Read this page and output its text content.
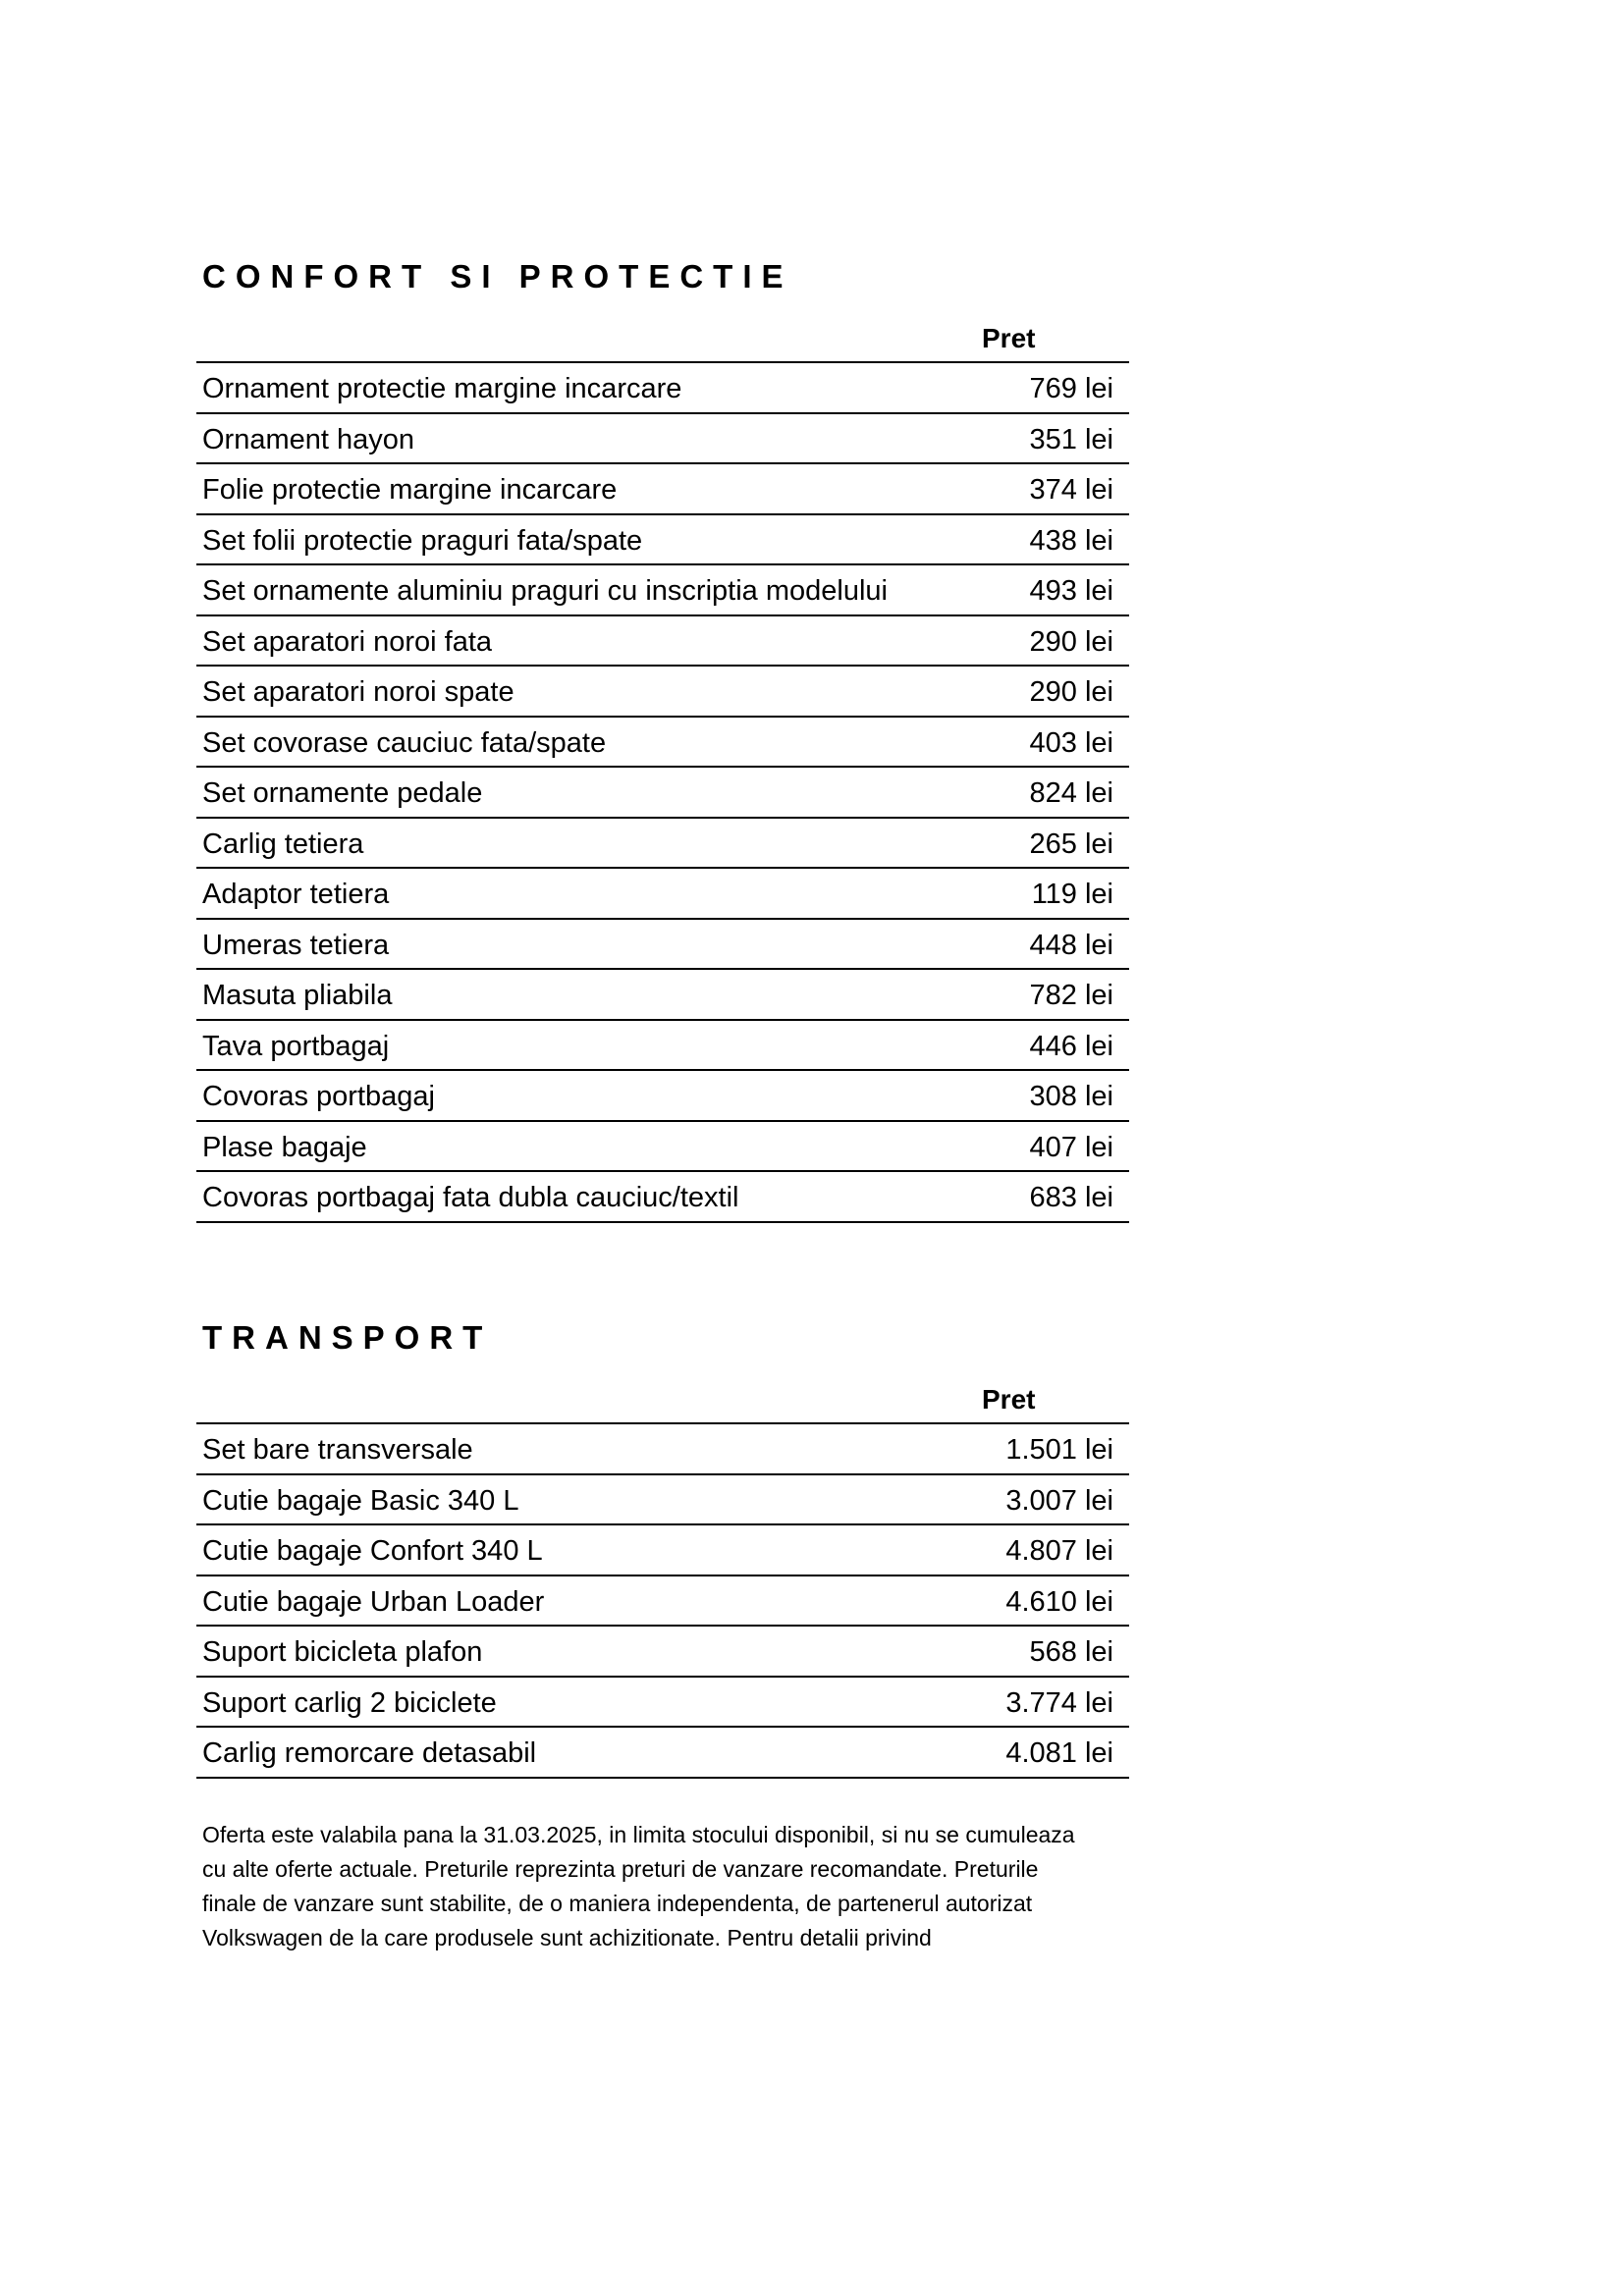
CONFORT SI PROTECTIE
Pret
Ornament protectie margine incarcare	769 lei
Ornament hayon	351 lei
Folie protectie margine incarcare	374 lei
Set folii protectie praguri fata/spate	438 lei
Set ornamente aluminiu praguri cu inscriptia modelului	493 lei
Set aparatori noroi fata	290 lei
Set aparatori noroi spate	290 lei
Set covorase cauciuc fata/spate	403 lei
Set ornamente pedale	824 lei
Carlig tetiera	265 lei
Adaptor tetiera	119 lei
Umeras tetiera	448 lei
Masuta pliabila	782 lei
Tava portbagaj	446 lei
Covoras portbagaj	308 lei
Plase bagaje	407 lei
Covoras portbagaj fata dubla cauciuc/textil	683 lei
TRANSPORT
Pret
Set bare transversale	1.501 lei
Cutie bagaje Basic 340 L	3.007 lei
Cutie bagaje Confort 340 L	4.807 lei
Cutie bagaje Urban Loader	4.610 lei
Suport bicicleta plafon	568 lei
Suport carlig 2 biciclete	3.774 lei
Carlig remorcare detasabil	4.081 lei
Oferta este valabila pana la 31.03.2025, in limita stocului disponibil, si nu se cumuleaza
cu alte oferte actuale. Preturile reprezinta preturi de vanzare recomandate. Preturile
finale de vanzare sunt stabilite, de o maniera independenta, de partenerul autorizat
Volkswagen de la care produsele sunt achizitionate. Pentru detalii privind
